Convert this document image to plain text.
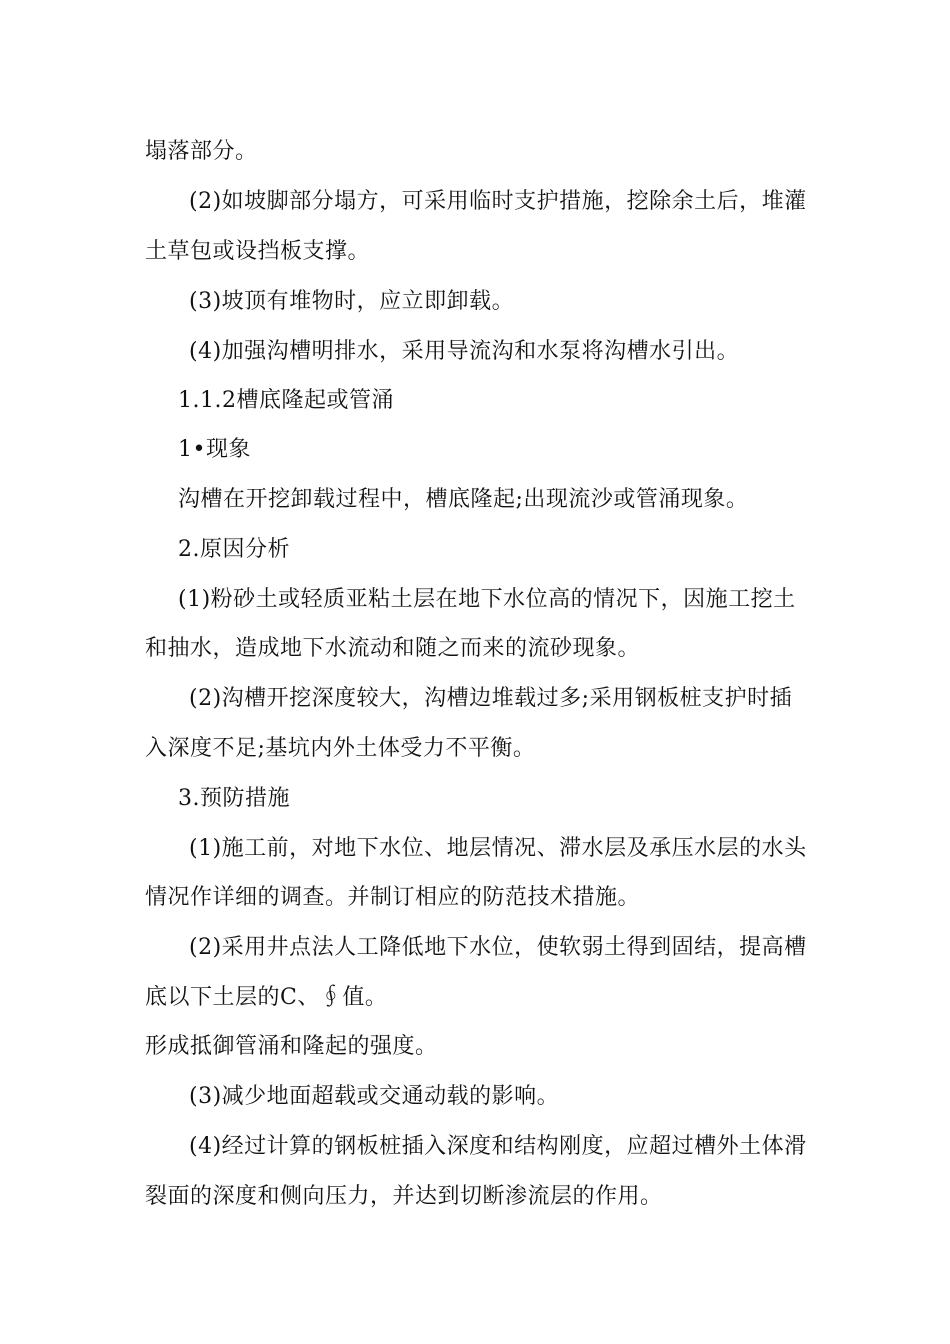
塌落部分。
(2)如坡脚部分塌方，可采用临时支护措施，挖除余土后，堆灌
土草包或设挡板支撑。
(3)坡顶有堆物时，应立即卸载。
(4)加强沟槽明排水，采用导流沟和水泵将沟槽水引出。
1.1.2槽底隆起或管涌
1•现象
沟槽在开挖卸载过程中，槽底隆起;出现流沙或管涌现象。
2.原因分析
(1)粉砂土或轻质亚粘土层在地下水位高的情况下，因施工挖土
和抽水，造成地下水流动和随之而来的流砂现象。
(2)沟槽开挖深度较大，沟槽边堆载过多;采用钢板桩支护时插
入深度不足;基坑内外土体受力不平衡。
3.预防措施
(1)施工前，对地下水位、地层情况、滞水层及承压水层的水头
情况作详细的调查。并制订相应的防范技术措施。
(2)采用井点法人工降低地下水位，使软弱土得到固结，提高槽
底以下土层的C、∮值。
形成抵御管涌和隆起的强度。
(3)减少地面超载或交通动载的影响。
(4)经过计算的钢板桩插入深度和结构刚度，应超过槽外土体滑
裂面的深度和侧向压力，并达到切断渗流层的作用。
